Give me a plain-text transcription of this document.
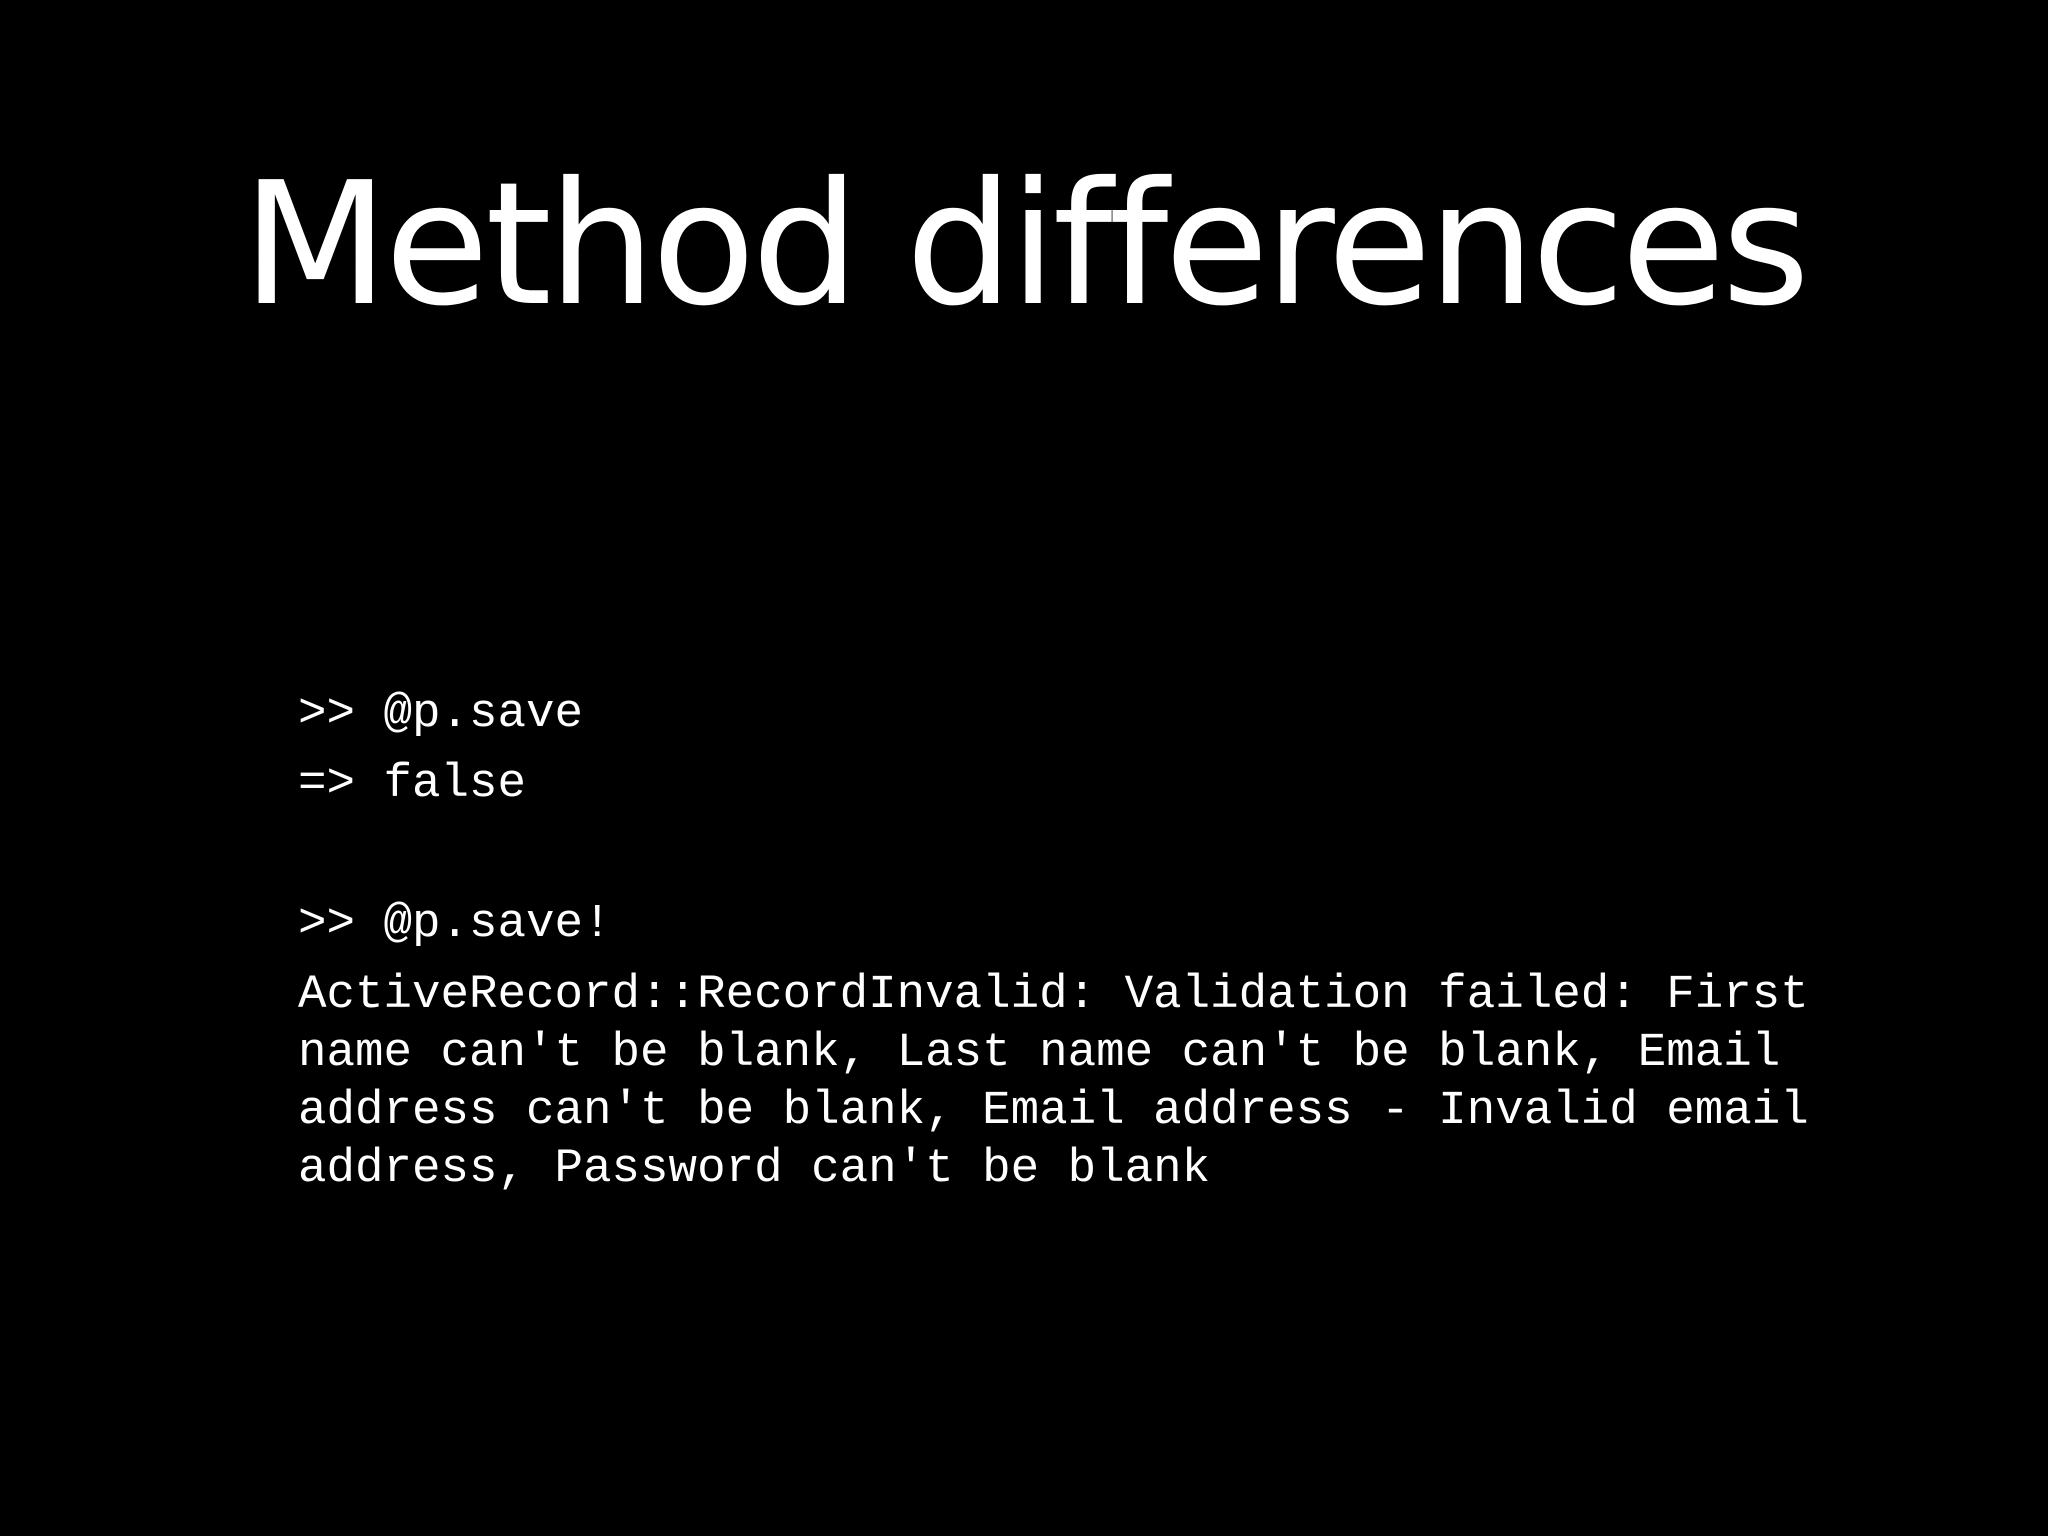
Method differences
>> @p.save
=> false
>> @p.save!
ActiveRecord::RecordInvalid: Validation failed: First
name can't be blank, Last name can't be blank, Email
address can't be blank, Email address - Invalid email
address, Password can't be blank
